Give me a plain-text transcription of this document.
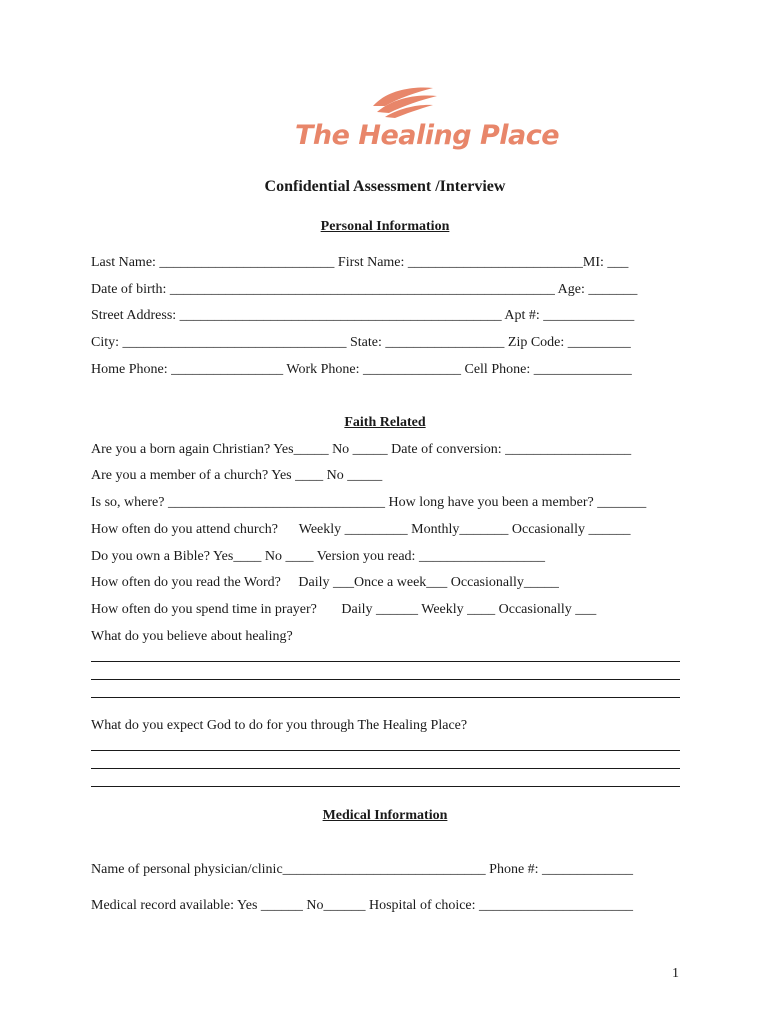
The Healing Place
Confidential Assessment /Interview
Personal Information
Last Name: _________________________ First Name: _________________________MI: ___
Date of birth: _______________________________________________________ Age: _______
Street Address: ______________________________________________ Apt #: _____________
City: ________________________________ State: _________________ Zip Code: _________
Home Phone: ________________ Work Phone: ______________ Cell Phone: ______________
Faith Related
Are you a born again Christian? Yes_____ No _____ Date of conversion: __________________
Are you a member of a church? Yes ____ No _____
Is so, where? _______________________________ How long have you been a member? _______
How often do you attend church?      Weekly _________ Monthly_______ Occasionally ______
Do you own a Bible? Yes____ No ____ Version you read: __________________
How often do you read the Word?     Daily ___Once a week___ Occasionally_____
How often do you spend time in prayer?       Daily ______ Weekly ____ Occasionally ___
What do you believe about healing?
What do you expect God to do for you through The Healing Place?
Medical Information
Name of personal physician/clinic_____________________________ Phone #: _____________
Medical record available: Yes ______ No______ Hospital of choice: ______________________
1
